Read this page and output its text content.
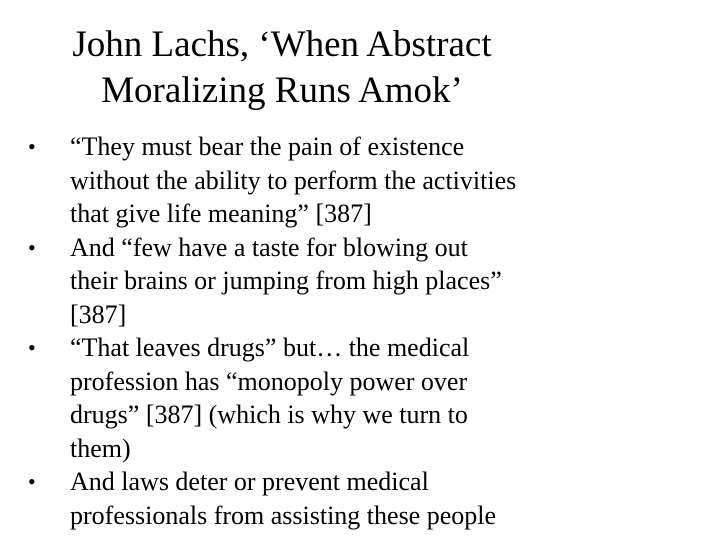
John Lachs, ‘When Abstract
Moralizing Runs Amok’
• “They must bear the pain of existence
without the ability to perform the activities
that give life meaning” [387]
• And “few have a taste for blowing out
their brains or jumping from high places”
[387]
• “That leaves drugs” but… the medical
profession has “monopoly power over
drugs” [387] (which is why we turn to
them)
• And laws deter or prevent medical
professionals from assisting these people
